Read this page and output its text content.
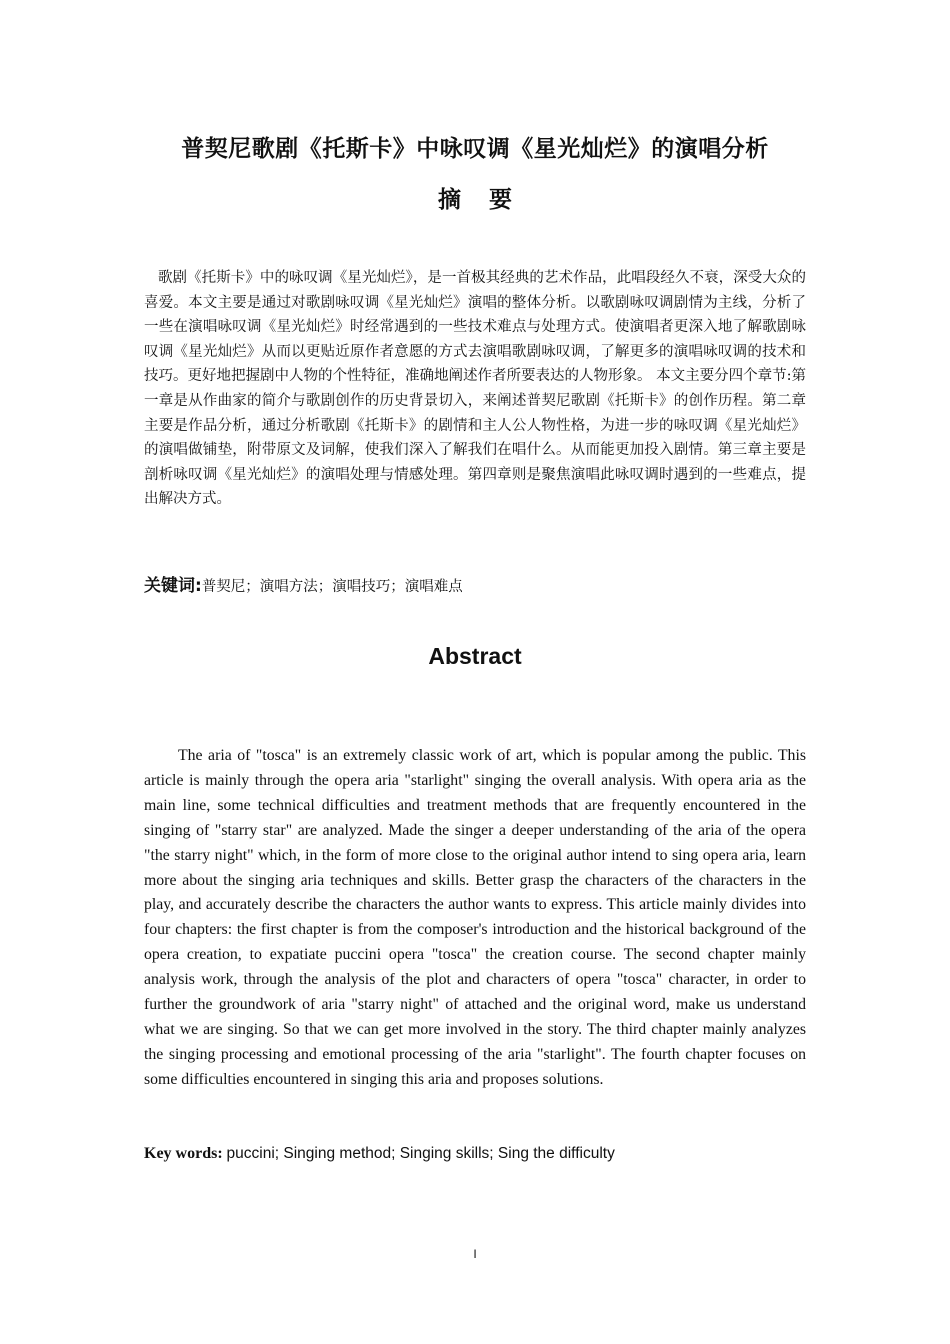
普契尼歌剧《托斯卡》中咏叹调《星光灿烂》的演唱分析
摘 要

歌剧《托斯卡》中的咏叹调《星光灿烂》，是一首极其经典的艺术作品，此唱段经久不衰，深受大众的喜爱。本文主要是通过对歌剧咏叹调《星光灿烂》演唱的整体分析。以歌剧咏叹调剧情为主线，分析了一些在演唱咏叹调《星光灿烂》时经常遇到的一些技术难点与处理方式。使演唱者更深入地了解歌剧咏叹调《星光灿烂》从而以更贴近原作者意愿的方式去演唱歌剧咏叹调，了解更多的演唱咏叹调的技术和技巧。更好地把握剧中人物的个性特征，准确地阐述作者所要表达的人物形象。 本文主要分四个章节:第一章是从作曲家的简介与歌剧创作的历史背景切入，来阐述普契尼歌剧《托斯卡》的创作历程。第二章主要是作品分析，通过分析歌剧《托斯卡》的剧情和主人公人物性格，为进一步的咏叹调《星光灿烂》的演唱做铺垫，附带原文及词解，使我们深入了解我们在唱什么。从而能更加投入剧情。第三章主要是剖析咏叹调《星光灿烂》的演唱处理与情感处理。第四章则是聚焦演唱此咏叹调时遇到的一些难点，提出解决方式。

关键词:普契尼；演唱方法；演唱技巧；演唱难点

Abstract

The aria of "tosca" is an extremely classic work of art, which is popular among the public. This article is mainly through the opera aria "starlight" singing the overall analysis. With opera aria as the main line, some technical difficulties and treatment methods that are frequently encountered in the singing of "starry star" are analyzed. Made the singer a deeper understanding of the aria of the opera "the starry night" which, in the form of more close to the original author intend to sing opera aria, learn more about the singing aria techniques and skills. Better grasp the characters of the characters in the play, and accurately describe the characters the author wants to express. This article mainly divides into four chapters: the first chapter is from the composer's introduction and the historical background of the opera creation, to expatiate puccini opera "tosca" the creation course. The second chapter mainly analysis work, through the analysis of the plot and characters of opera "tosca" character, in order to further the groundwork of aria "starry night" of attached and the original word, make us understand what we are singing. So that we can get more involved in the story. The third chapter mainly analyzes the singing processing and emotional processing of the aria "starlight". The fourth chapter focuses on some difficulties encountered in singing this aria and proposes solutions.

Key words: puccini; Singing method; Singing skills; Sing the difficulty

I
